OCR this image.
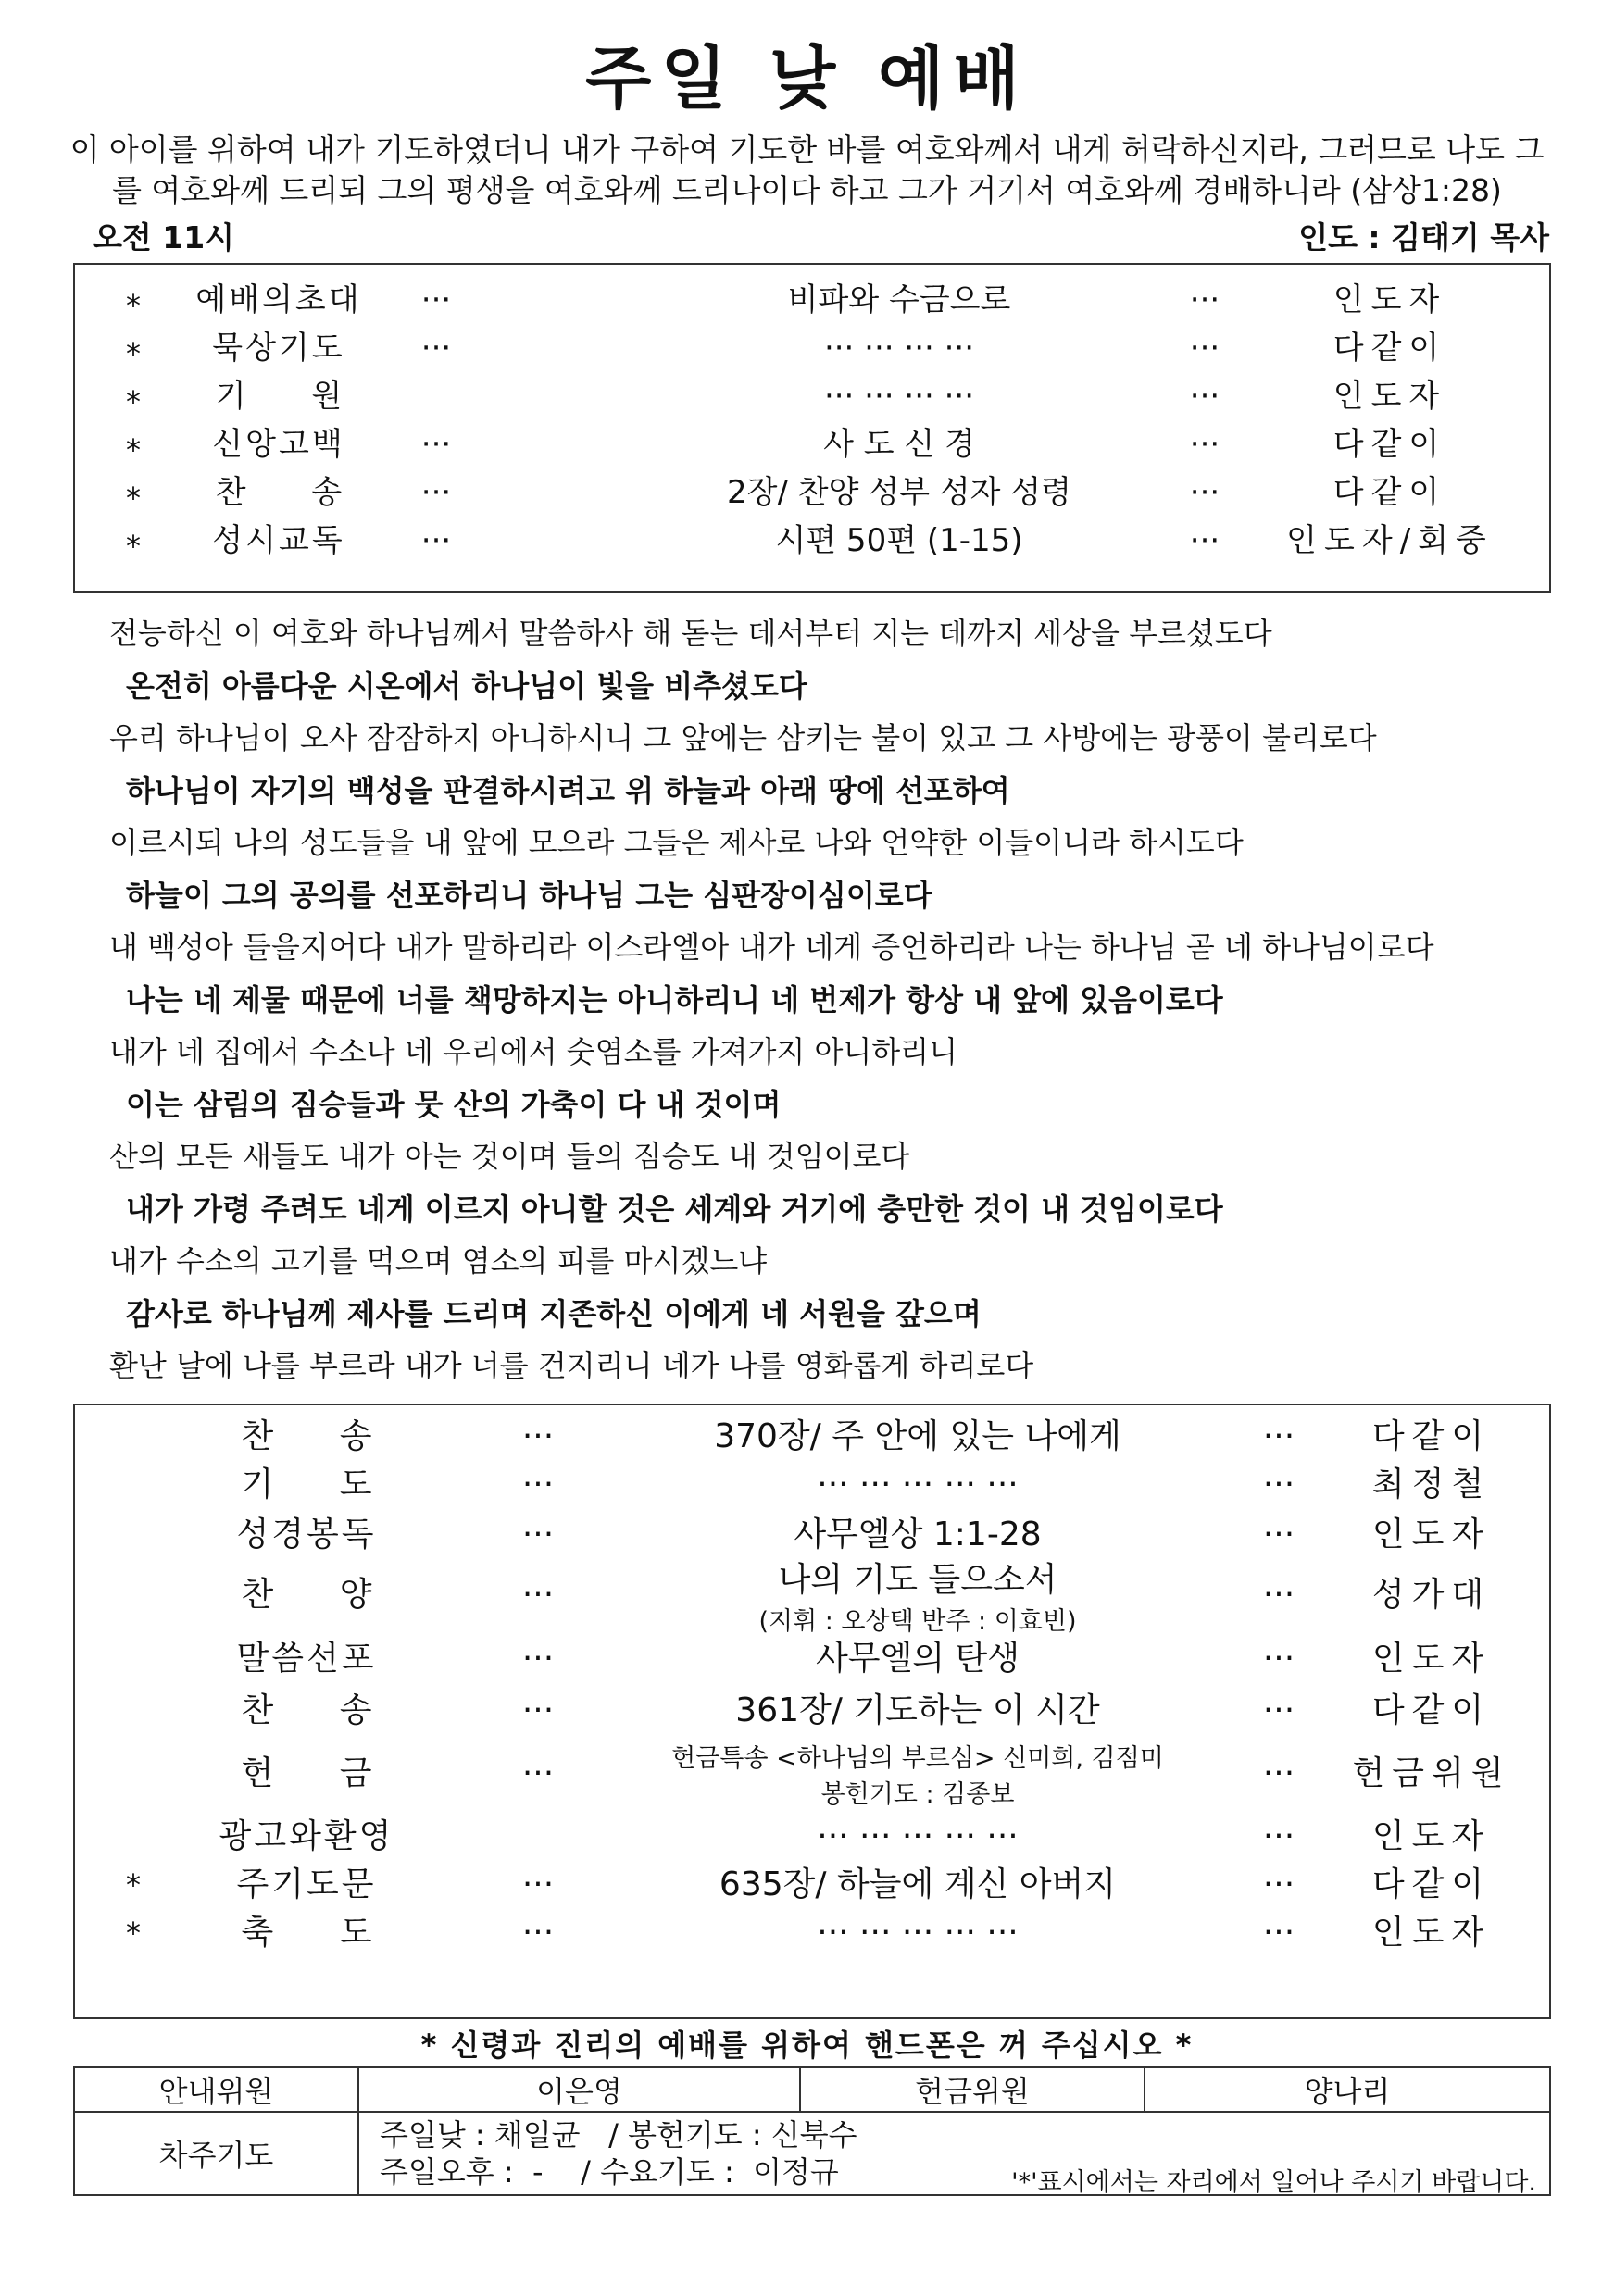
주일 낮 예배
이 아이를 위하여 내가 기도하였더니 내가 구하여 기도한 바를 여호와께서 내게 허락하신지라, 그러므로 나도 그를 여호와께 드리되 그의 평생을 여호와께 드리나이다 하고 그가 거기서 여호와께 경배하니라 (삼상1:28)
오전 11시	인도 : 김태기 목사
*	예배의초대	···	비파와 수금으로	···	인도자
*	묵상기도	···	··· ··· ··· ···	···	다같이
*	기 원	··· ··· ··· ···	···	인도자
*	신앙고백	···	사 도 신 경	···	다같이
*	찬 송	···	2장/ 찬양 성부 성자 성령	···	다같이
*	성시교독	···	시편 50편 (1-15)	···	인도자/회중
전능하신 이 여호와 하나님께서 말씀하사 해 돋는 데서부터 지는 데까지 세상을 부르셨도다
온전히 아름다운 시온에서 하나님이 빛을 비추셨도다
우리 하나님이 오사 잠잠하지 아니하시니 그 앞에는 삼키는 불이 있고 그 사방에는 광풍이 불리로다
하나님이 자기의 백성을 판결하시려고 위 하늘과 아래 땅에 선포하여
이르시되 나의 성도들을 내 앞에 모으라 그들은 제사로 나와 언약한 이들이니라 하시도다
하늘이 그의 공의를 선포하리니 하나님 그는 심판장이심이로다
내 백성아 들을지어다 내가 말하리라 이스라엘아 내가 네게 증언하리라 나는 하나님 곧 네 하나님이로다
나는 네 제물 때문에 너를 책망하지는 아니하리니 네 번제가 항상 내 앞에 있음이로다
내가 네 집에서 수소나 네 우리에서 숫염소를 가져가지 아니하리니
이는 삼림의 짐승들과 뭇 산의 가축이 다 내 것이며
산의 모든 새들도 내가 아는 것이며 들의 짐승도 내 것임이로다
내가 가령 주려도 네게 이르지 아니할 것은 세계와 거기에 충만한 것이 내 것임이로다
내가 수소의 고기를 먹으며 염소의 피를 마시겠느냐
감사로 하나님께 제사를 드리며 지존하신 이에게 네 서원을 갚으며
환난 날에 나를 부르라 내가 너를 건지리니 네가 나를 영화롭게 하리로다
찬 송	···	370장/ 주 안에 있는 나에게	···	다같이
기 도	···	··· ··· ··· ··· ···	···	최정철
성경봉독	···	사무엘상 1:1-28	···	인도자
찬 양	···	나의 기도 들으소서
(지휘 : 오상택 반주 : 이효빈)
···	성가대
말씀선포	···	사무엘의 탄생	···	인도자
찬 송	···	361장/ 기도하는 이 시간	···	다같이
헌 금	···	헌금특송 <하나님의 부르심> 신미희, 김점미
봉헌기도 : 김종보
···	헌금위원
광고와환영	··· ··· ··· ··· ···	···	인도자
*	주기도문	···	635장/ 하늘에 계신 아버지	···	다같이
*	축 도	···	··· ··· ··· ··· ···	···	인도자
* 신령과 진리의 예배를 위하여 핸드폰은 꺼 주십시오 *
안내위원	이은영	헌금위원	양나리
차주기도	주일낮 : 채일균   / 봉헌기도 : 신북수
주일오후 :  -    / 수요기도 :  이정규			'*'표시에서는 자리에서 일어나 주시기 바랍니다.
